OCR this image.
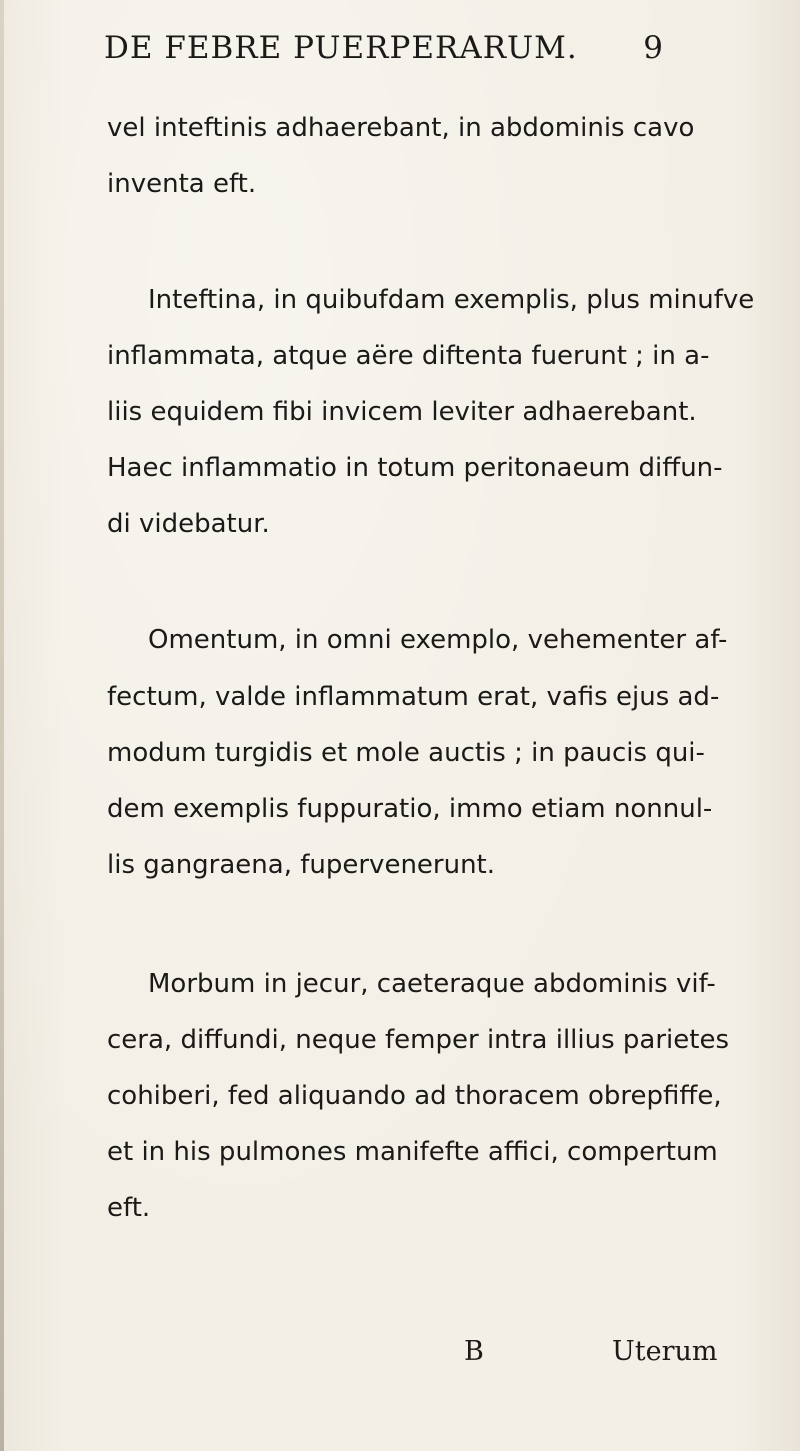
DE FEBRE PUERPERARUM. 9
vel inteftinis adhaerebant, in abdominis cavo
inventa eft.
Inteftina, in quibufdam exemplis, plus minufve
inflammata, atque aëre diftenta fuerunt ; in a-
liis equidem fibi invicem leviter adhaerebant.
Haec inflammatio in totum peritonaeum diffun-
di videbatur.
Omentum, in omni exemplo, vehementer af-
fectum, valde inflammatum erat, vafis ejus ad-
modum turgidis et mole auctis ; in paucis qui-
dem exemplis fuppuratio, immo etiam nonnul-
lis gangraena, fupervenerunt.
Morbum in jecur, caeteraque abdominis vif-
cera, diffundi, neque femper intra illius parietes
cohiberi, fed aliquando ad thoracem obrepfiffe,
et in his pulmones manifefte affici, compertum
eft.
B	Uterum
